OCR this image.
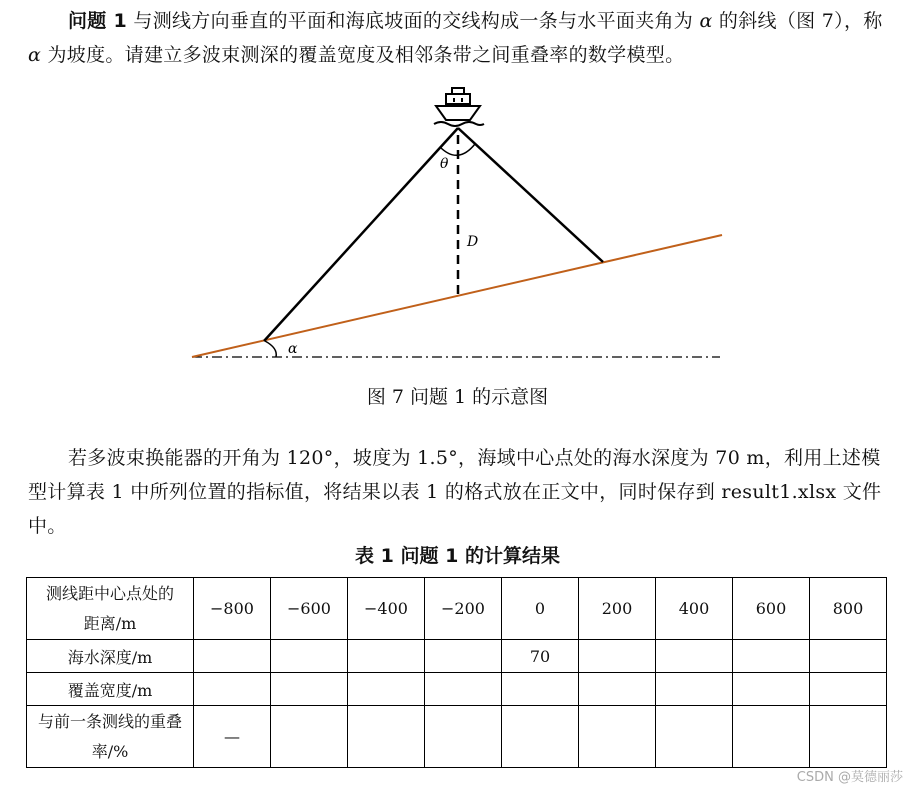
问题 1 与测线方向垂直的平面和海底坡面的交线构成一条与水平面夹角为 α 的斜线（图 7），称 α 为坡度。请建立多波束测深的覆盖宽度及相邻条带之间重叠率的数学模型。
θ
D
α
图 7 问题 1 的示意图
若多波束换能器的开角为 120°，坡度为 1.5°，海域中心点处的海水深度为 70 m，利用上述模型计算表 1 中所列位置的指标值，将结果以表 1 的格式放在正文中，同时保存到 result1.xlsx 文件中。
表 1 问题 1 的计算结果
测线距中心点处的距离/m	−800	−600	−400	−200	0	200	400	600	800
海水深度/m					70				
覆盖宽度/m									
与前一条测线的重叠率/%	—								
CSDN @莫德丽莎
